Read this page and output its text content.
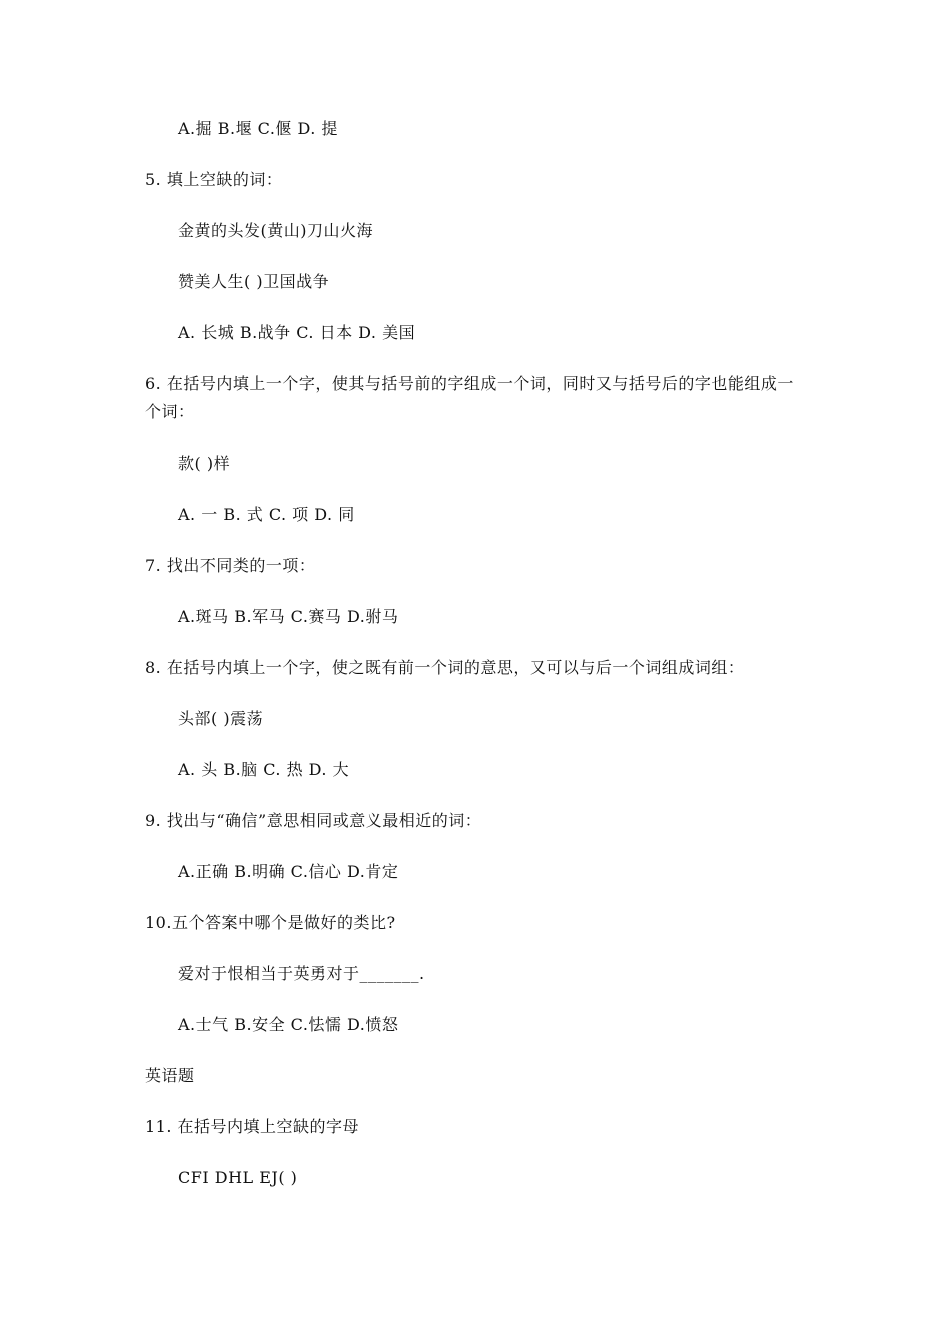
A.掘 B.堰 C.偃 D. 提
5. 填上空缺的词：
金黄的头发(黄山)刀山火海
赞美人生( )卫国战争
A. 长城 B.战争 C. 日本 D. 美国
6. 在括号内填上一个字，使其与括号前的字组成一个词，同时又与括号后的字也能组成一个词：
款( )样
A. 一 B. 式 C. 项 D. 同
7. 找出不同类的一项：
A.斑马 B.军马 C.赛马 D.驸马
8. 在括号内填上一个字，使之既有前一个词的意思，又可以与后一个词组成词组：
头部( )震荡
A. 头 B.脑 C. 热 D. 大
9. 找出与“确信”意思相同或意义最相近的词：
A.正确 B.明确 C.信心 D.肯定
10.五个答案中哪个是做好的类比?
爱对于恨相当于英勇对于_______.
A.士气 B.安全 C.怯懦 D.愤怒
英语题
11. 在括号内填上空缺的字母
CFI DHL EJ( )
